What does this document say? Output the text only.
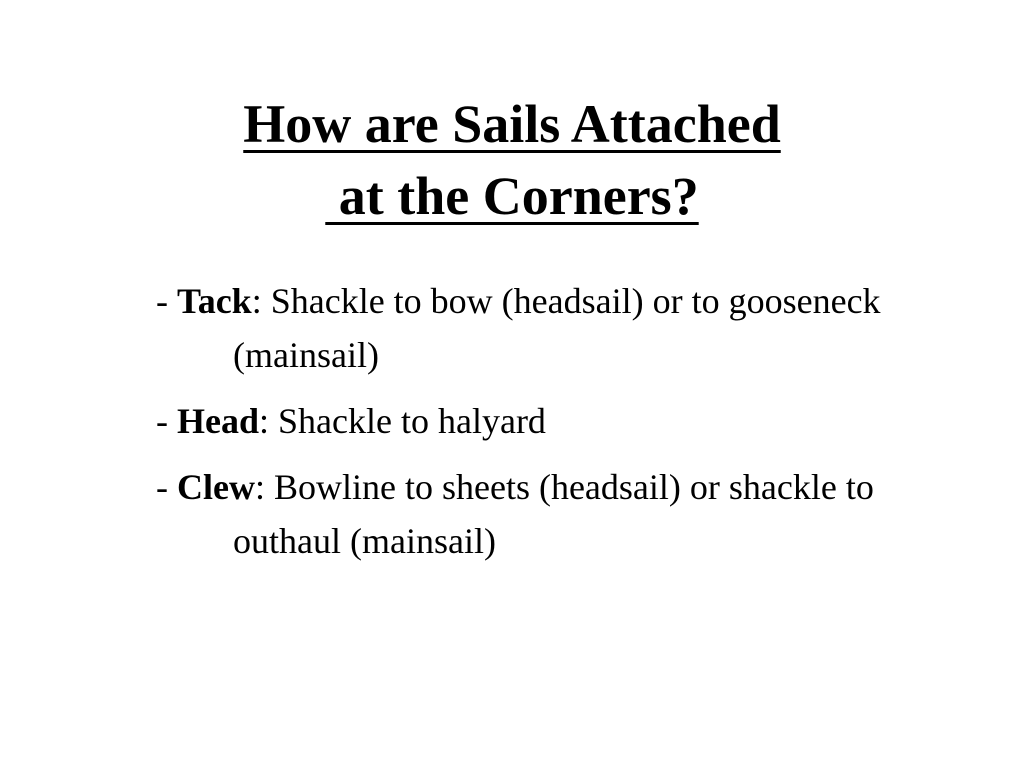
How are Sails Attached
at the Corners?
- Tack: Shackle to bow (headsail) or to gooseneck (mainsail)
- Head: Shackle to halyard
- Clew: Bowline to sheets (headsail) or shackle to outhaul (mainsail)
